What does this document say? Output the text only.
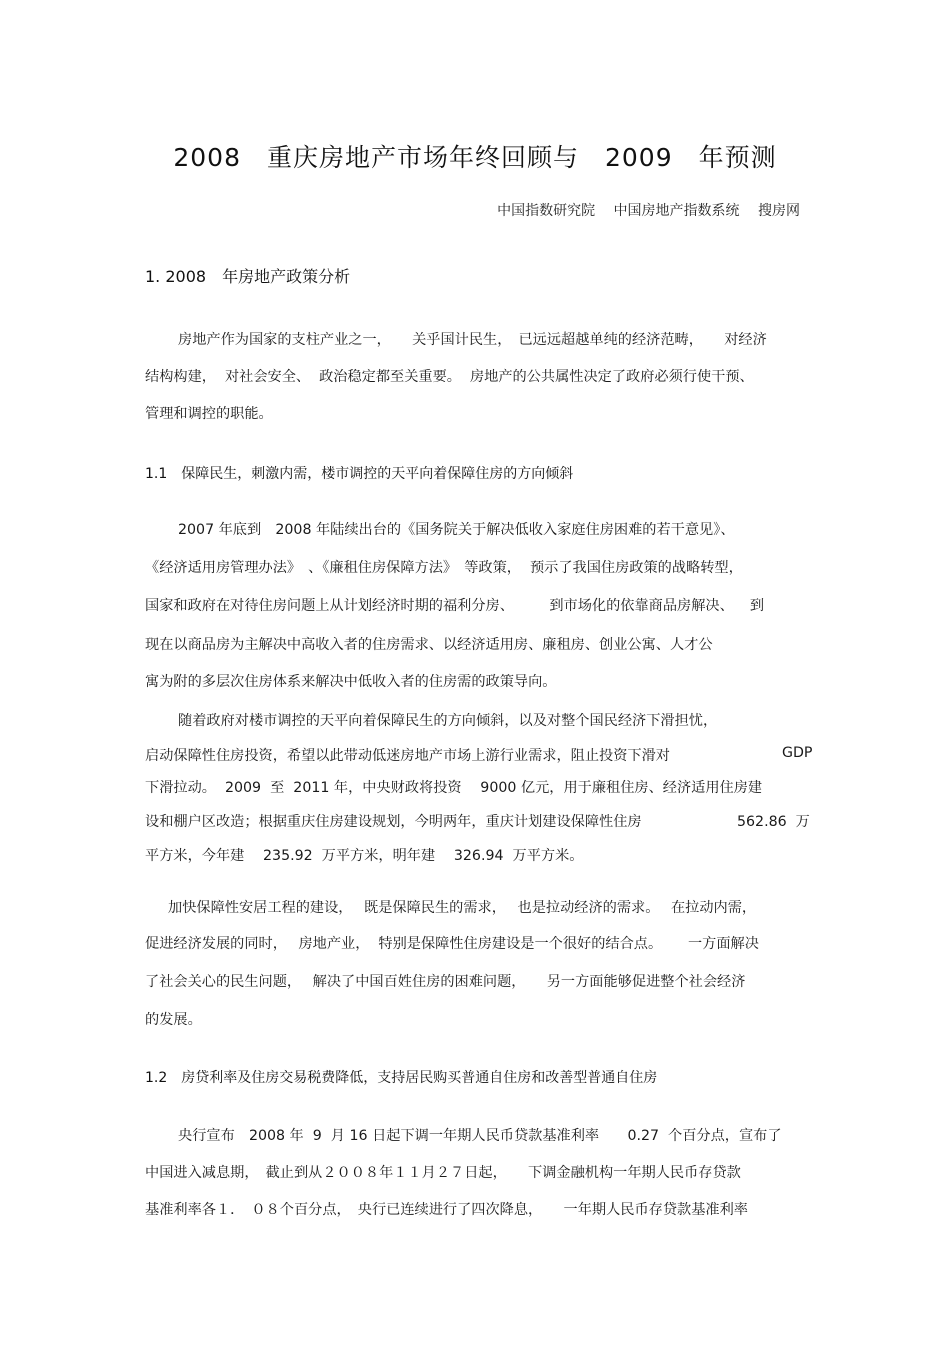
2008　重庆房地产市场年终回顾与　2009　年预测
中国指数研究院　 中国房地产指数系统　 搜房网
1. 2008　年房地产政策分析
房地产作为国家的支柱产业之一，　　关乎国计民生，　已远远超越单纯的经济范畴，　　对经济
结构构建，  对社会安全、  政治稳定都至关重要。  房地产的公共属性决定了政府必须行使干预、
管理和调控的职能。
1.1　保障民生，刺激内需，楼市调控的天平向着保障住房的方向倾斜
2007 年底到　2008 年陆续出台的《国务院关于解决低收入家庭住房困难的若干意见》、
《经济适用房管理办法》　、《廉租住房保障方法》　等政策，  预示了我国住房政策的战略转型，
国家和政府在对待住房问题上从计划经济时期的福利分房、　　　到市场化的依靠商品房解决、　  到
现在以商品房为主解决中高收入者的住房需求、以经济适用房、廉租房、创业公寓、人才公
寓为附的多层次住房体系来解决中低收入者的住房需的政策导向。
随着政府对楼市调控的天平向着保障民生的方向倾斜，以及对整个国民经济下滑担忧，
启动保障性住房投资，希望以此带动低迷房地产市场上游行业需求，阻止投资下滑对	GDP
下滑拉动。  2009  至  2011 年，中央财政将投资　 9000 亿元，用于廉租住房、经济适用住房建
设和棚户区改造；根据重庆住房建设规划，今明两年，重庆计划建设保障性住房	562.86  万
平方米，今年建　 235.92  万平方米，明年建　 326.94  万平方米。
加快保障性安居工程的建设，　 既是保障民生的需求，　 也是拉动经济的需求。　 在拉动内需，
促进经济发展的同时，　 房地产业，  特别是保障性住房建设是一个很好的结合点。　　 一方面解决
了社会关心的民生问题，　 解决了中国百姓住房的困难问题，　　另一方面能够促进整个社会经济
的发展。
1.2　房贷利率及住房交易税费降低，支持居民购买普通自住房和改善型普通自住房
央行宣布　2008 年  9  月 16 日起下调一年期人民币贷款基准利率　　0.27  个百分点，宣布了
中国进入减息期，　截止到从２００８年１１月２７日起，　　下调金融机构一年期人民币存贷款
基准利率各１．　０８个百分点，　央行已连续进行了四次降息，　　一年期人民币存贷款基准利率
